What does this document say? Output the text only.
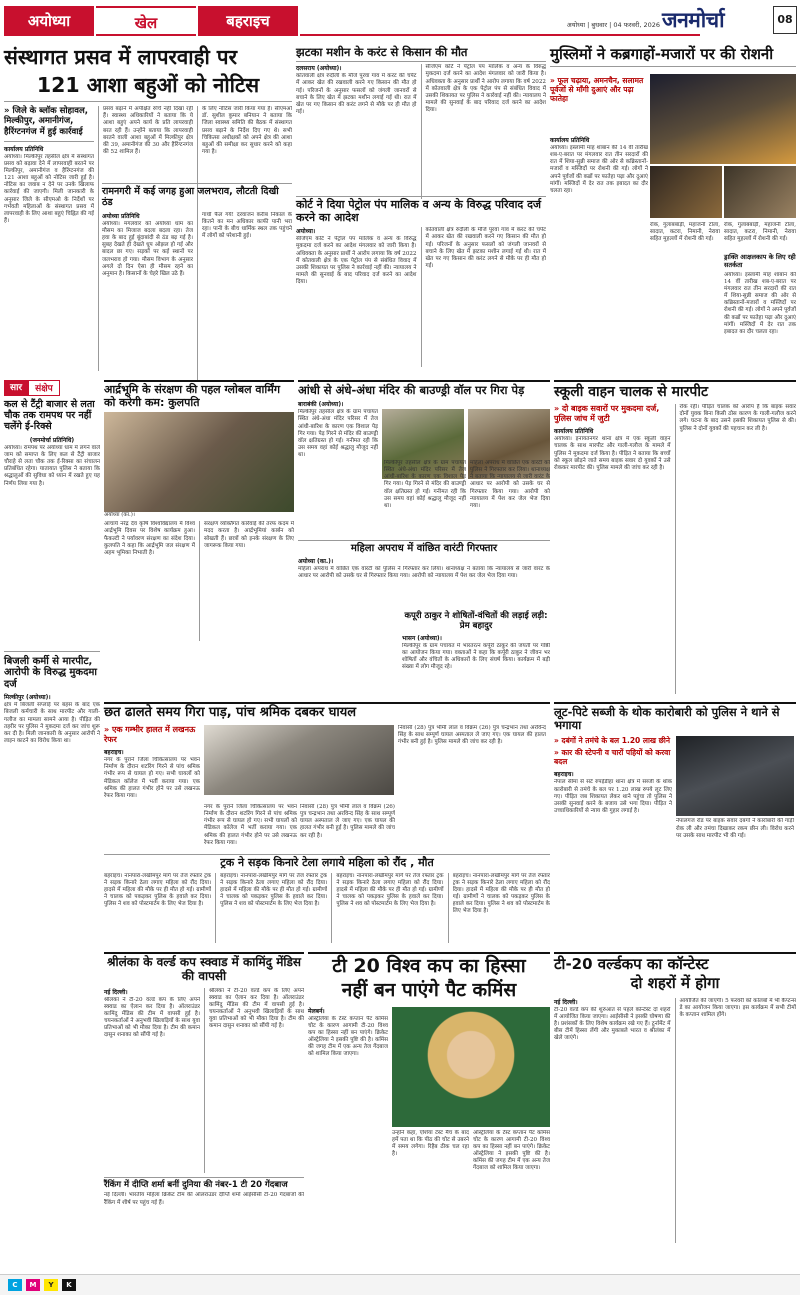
अयोध्या	खेल	बहराइच	अयोध्या | बुधवार | 04 फरवरी, 2026 जनमोर्चा	08
संस्थागत प्रसव में लापरवाही पर
121 आशा बहुओं को नोटिस
» जिले के ब्लॉक सोहावल, मिल्कीपुर, अमानीगंज, हैरिंग्टनगंज में हुई कार्रवाई
कार्यालय प्रतिनिधि
अयोध्या। मिल्कीपुर तहसील क्षेत्र में संस्थागत प्रसव को बढ़ावा देने में लापरवाही बरतने पर मिल्कीपुर, अमानीगंज व हैरिंग्टनगंज की 121 आशा बहुओं को नोटिस जारी हुई है। नोटिस का जवाब न देने पर उनके खिलाफ कार्रवाई की जाएगी। मिली जानकारी के अनुसार जिले के सीएमओ के निर्देशों पर गर्भवती महिलाओं के संस्थागत प्रसव में लापरवाही के लिए आशा बहुएं चिह्नित की गई हैं।
प्रसव बढ़ाने में अपेक्षित रुचि नहीं दिखा रही हैं। स्वास्थ्य अधिकारियों ने बताया कि ये आशा बहुएं अपने कार्य के प्रति लापरवाही बरत रही हैं। उन्होंने बताया कि लापरवाही बरतने वाली आशा बहुओं में मिल्कीपुर क्षेत्र की 39, अमानीगंज की 30 और हैरिंग्टनगंज की 52 शामिल हैं।
के लिए नोटिस जारी किया गया है। सीएमओ डॉ. सुशील कुमार बनियान ने बताया कि जिला स्वास्थ्य समिति की बैठक में संस्थागत प्रसव बढ़ाने के निर्देश दिए गए थे। सभी चिकित्सा अधीक्षकों को अपने क्षेत्र की आशा बहुओं की समीक्षा कर सुधार करने को कहा गया है।
रामनगरी में कई जगह हुआ जलभराव, लौटती दिखी ठंड
अयोध्या प्रतिनिधि
अयोध्या। मंगलवार को अयोध्या धाम का मौसम का मिजाज बदला बदला रहा। तेज हवा के बाद हुई बूंदाबांदी से ठंड बढ़ गई है। सुबह देखते ही देखते धूप ओझल हो गई और बादल छा गए। सड़कों पर कई स्थानों पर जलभराव हो गया। मौसम विभाग के अनुसार अगले दो दिन ऐसा ही मौसम रहने का अनुमान है। किसानों के चेहरे खिल उठे हैं।
गांधी फैल गये! दरवाजन करीब निकाल के कितने का मन अधिकार काफी पानी भरा रहा। पानी के बीच धार्मिक स्थल तक पहुंचने में लोगों को परेशानी हुई।
झटका मशीन के करंट से किसान की मौत
दलसराय (अयोध्या)।
कोतवाली क्षेत्र रुदौली के मौजे पुरवा गांव में करंट की चपेट में आकर खेत की रखवाली करने गए किसान की मौत हो गई। परिजनों के अनुसार फसलों को जंगली जानवरों से बचाने के लिए खेत में झटका मशीन लगाई गई थी। रात में खेत पर गए किसान की करंट लगने से मौके पर ही मौत हो गई।
सीजेएम कोर्ट ने पेट्रोल पंप मालिक व अन्य के विरुद्ध मुकदमा दर्ज करने का आदेश मंगलवार को जारी किया है। अधिवक्ता के अनुसार प्रार्थी ने आरोप लगाया कि वर्ष 2022 में कोतवाली क्षेत्र के एक पेट्रोल पंप से संबंधित विवाद में उसकी शिकायत पर पुलिस ने कार्रवाई नहीं की। न्यायालय ने मामले की सुनवाई के बाद परिवाद दर्ज करने का आदेश दिया।
कोर्ट ने दिया पेट्रोल पंप मालिक व अन्य के विरुद्ध परिवाद दर्ज करने का आदेश
अयोध्या।
सीजेएम कोर्ट ने पेट्रोल पंप मालिक व अन्य के विरुद्ध मुकदमा दर्ज करने का आदेश मंगलवार को जारी किया है। अधिवक्ता के अनुसार प्रार्थी ने आरोप लगाया कि वर्ष 2022 में कोतवाली क्षेत्र के एक पेट्रोल पंप से संबंधित विवाद में उसकी शिकायत पर पुलिस ने कार्रवाई नहीं की। न्यायालय ने मामले की सुनवाई के बाद परिवाद दर्ज करने का आदेश दिया।
कोतवाली क्षेत्र रुदौली के मौजे पुरवा गांव में करंट की चपेट में आकर खेत की रखवाली करने गए किसान की मौत हो गई। परिजनों के अनुसार फसलों को जंगली जानवरों से बचाने के लिए खेत में झटका मशीन लगाई गई थी। रात में खेत पर गए किसान की करंट लगने से मौके पर ही मौत हो गई।
मुस्लिमों ने कब्रगाहों-मजारों पर की रोशनी
» फूल चढ़ाया, अमनचैन, सलामत पूर्वजों से माँगी दुआएं और पढ़ा फातेहा
कार्यालय प्रतिनिधि
अयोध्या। इस्लामी माह शाबान की 14 वीं तारीख शब-ए-बरात पर मंगलवार रात तीन सरदारों की रात में शिया-सुन्नी समाज की ओर से कब्रिस्तानों-मजारों व मस्जिदों पर रोशनी की गई। लोगों ने अपने पूर्वजों की कब्रों पर फातेहा पढ़ा और दुआएं मांगीं। मस्जिदों में देर रात तक इबादत का दौर चलता रहा।
रोक, गुलाबबाड़ी, महाजनी टोला, सादात, कटरा, निमानी, नेरावा सहित मुहल्लों में रोशनी की गई।
रोक, गुलाबबाड़ी, महाजनी टोला, सादात, कटरा, निमानी, नेरावा सहित मुहल्लों में रोशनी की गई।
ड्राक्ति आक्षलकाप के लिए रही सतर्कता
अयोध्या। इस्लामी माह शाबान की 14 वीं तारीख शब-ए-बरात पर मंगलवार रात तीन सरदारों की रात में शिया-सुन्नी समाज की ओर से कब्रिस्तानों-मजारों व मस्जिदों पर रोशनी की गई। लोगों ने अपने पूर्वजों की कब्रों पर फातेहा पढ़ा और दुआएं मांगीं। मस्जिदों में देर रात तक इबादत का दौर चलता रहा।
सार	संक्षेप
कल से टैंट्री बाजार से लता चौक तक रामपथ पर नहीं चलेंगे ई-रिक्से
(जनमोर्चा प्रतिनिधि)
अयोध्या। रामपथ पर अयोध्या धाम में लगने वाले जाम को समाप्त के लिए कल से टैंट्री बाजार चौराहे से लता चौक तक ई-रिक्सा का संचालन प्रतिबंधित रहेगा। यातायात पुलिस ने बताया कि श्रद्धालुओं की सुविधा को ध्यान में रखते हुए यह निर्णय लिया गया है।
बिजली कर्मी से मारपीट, आरोपी के विरुद्ध मुकदमा दर्ज
मिल्कीपुर (अयोध्या)।
क्षेत्र में बिजली सप्लाई पर बहस के बाद एक बिजली कर्मचारी के साथ मारपीट और गाली-गलौज का मामला सामने आया है। पीड़ित की तहरीर पर पुलिस ने मुकदमा दर्ज कर जांच शुरू कर दी है। मिली जानकारी के अनुसार आरोपी ने लाइन काटने का विरोध किया था।
आर्द्रभूमि के संरक्षण की पहल ग्लोबल वार्मिंग को करेगी कम: कुलपति
अयोध्या (का.)।
आचार्य नरेंद्र देव कृषि विश्वविद्यालय में विश्व आर्द्रभूमि दिवस पर विशेष कार्यक्रम हुआ। फैकल्टी ने पर्यावरण संरक्षण का संदेश दिया। कुलपति ने कहा कि आर्द्रभूमि जल संरक्षण में अहम भूमिका निभाती है।
संरक्षण व्यक्तिगत कार्रवाई की तरफ कदम में मदद करता है। आर्द्रभूमियां कार्बन को सोखती हैं। छात्रों को इनके संरक्षण के लिए जागरूक किया गया।
आंधी से अंधे-अंधा मंदिर की बाउण्ड्री वॉल पर गिरा पेड़
बाराबंकी (अयोध्या)।
मिल्कीपुर तहसील क्षेत्र के ग्राम पंचायत स्थित अंधे-अंधा मंदिर परिसर में तेज आंधी-बारिश के कारण एक विशाल पेड़ गिर गया। पेड़ गिरने से मंदिर की बाउण्ड्री वॉल क्षतिग्रस्त हो गई। गनीमत रही कि उस समय वहां कोई श्रद्धालु मौजूद नहीं था।
मिल्कीपुर तहसील क्षेत्र के ग्राम पंचायत स्थित अंधे-अंधा मंदिर परिसर में तेज आंधी-बारिश के कारण एक विशाल पेड़ गिर गया। पेड़ गिरने से मंदिर की बाउण्ड्री वॉल क्षतिग्रस्त हो गई। गनीमत रही कि उस समय वहां कोई श्रद्धालु मौजूद नहीं था।
महिला अपराध में वांछित एक वारंटी को पुलिस ने गिरफ्तार कर लिया। थानाध्यक्ष ने बताया कि न्यायालय से जारी वारंट के आधार पर आरोपी को उसके घर से गिरफ्तार किया गया। आरोपी को न्यायालय में पेश कर जेल भेज दिया गया।
महिला अपराध में वांछित वारंटी गिरफ्तार
अयोध्या (का.)।
महिला अपराध में वांछित एक वारंटी को पुलिस ने गिरफ्तार कर लिया। थानाध्यक्ष ने बताया कि न्यायालय से जारी वारंट के आधार पर आरोपी को उसके घर से गिरफ्तार किया गया। आरोपी को न्यायालय में पेश कर जेल भेज दिया गया।
कपूरी ठाकुर ने शोषितों-वंचितों की लड़ाई लड़ी: प्रेम बहादुर
भासन (अयोध्या)।
मिल्कीपुर के ग्राम पंचायत में भारतरत्न कर्पूरी ठाकुर की जयंती पर गोष्ठी का आयोजन किया गया। वक्ताओं ने कहा कि कर्पूरी ठाकुर ने जीवन भर शोषितों और वंचितों के अधिकारों के लिए संघर्ष किया। कार्यक्रम में बड़ी संख्या में लोग मौजूद रहे।
स्कूली वाहन चालक से मारपीट
» दो बाइक सवारों पर मुकदमा दर्ज, पुलिस जांच में जुटी
कार्यालय प्रतिनिधि
अयोध्या। इनायतनगर थाना क्षेत्र में एक स्कूली वाहन चालक के साथ मारपीट और गाली-गलौज के मामले में पुलिस ने मुकदमा दर्ज किया है। पीड़ित ने बताया कि बच्चों को स्कूल छोड़ने जाते समय बाइक सवार दो युवकों ने उसे रोककर मारपीट की। पुलिस मामले की जांच कर रही है।
रोक रही। पीड़ित चालक को आरोप है कि बाइक सवार दोनों युवक बिना किसी ठोस कारण के गाली-गलौज करने लगे। घटना के बाद उसने इसकी शिकायत पुलिस से की। पुलिस ने दोनों युवकों की पहचान कर ली है।
छत ढालते समय गिरा पाड़, पांच श्रमिक दबकर घायल
» एक गम्भीर हालत में लखनऊ रेफर
बहराइच।
नगर के पुराने जिला चिकित्सालय पर भवन निर्माण के दौरान शटरिंग गिरने से पांच श्रमिक गंभीर रूप से घायल हो गए। सभी घायलों को मेडिकल कॉलेज में भर्ती कराया गया। एक श्रमिक की हालत गंभीर होने पर उसे लखनऊ रेफर किया गया।
निवासी (28) पुत्र भीमी लाल व विक्रम (26) पुत्र चन्द्रभान तथा अरविन्द सिंह के साथ सम्पूर्ण घायल अस्पताल ले जाए गए। एक घायल की हालत गंभीर बनी हुई है। पुलिस मामले की जांच कर रही है।
नगर के पुराने जिला चिकित्सालय पर भवन निर्माण के दौरान शटरिंग गिरने से पांच श्रमिक गंभीर रूप से घायल हो गए। सभी घायलों को मेडिकल कॉलेज में भर्ती कराया गया। एक श्रमिक की हालत गंभीर होने पर उसे लखनऊ रेफर किया गया।
निवासी (28) पुत्र भीमी लाल व विक्रम (26) पुत्र चन्द्रभान तथा अरविन्द सिंह के साथ सम्पूर्ण घायल अस्पताल ले जाए गए। एक घायल की हालत गंभीर बनी हुई है। पुलिस मामले की जांच कर रही है।
ट्रक ने सड़क किनारे टेला लगाये महिला को रौंद , मौत
बहराइच। नानपारा-लखीमपुर मार्ग पर तेज रफ्तार ट्रक ने सड़क किनारे ठेला लगाए महिला को रौंद दिया। हादसे में महिला की मौके पर ही मौत हो गई। ग्रामीणों ने चालक को पकड़कर पुलिस के हवाले कर दिया। पुलिस ने शव को पोस्टमार्टम के लिए भेज दिया है।
बहराइच। नानपारा-लखीमपुर मार्ग पर तेज रफ्तार ट्रक ने सड़क किनारे ठेला लगाए महिला को रौंद दिया। हादसे में महिला की मौके पर ही मौत हो गई। ग्रामीणों ने चालक को पकड़कर पुलिस के हवाले कर दिया। पुलिस ने शव को पोस्टमार्टम के लिए भेज दिया है।
बहराइच। नानपारा-लखीमपुर मार्ग पर तेज रफ्तार ट्रक ने सड़क किनारे ठेला लगाए महिला को रौंद दिया। हादसे में महिला की मौके पर ही मौत हो गई। ग्रामीणों ने चालक को पकड़कर पुलिस के हवाले कर दिया। पुलिस ने शव को पोस्टमार्टम के लिए भेज दिया है।
बहराइच। नानपारा-लखीमपुर मार्ग पर तेज रफ्तार ट्रक ने सड़क किनारे ठेला लगाए महिला को रौंद दिया। हादसे में महिला की मौके पर ही मौत हो गई। ग्रामीणों ने चालक को पकड़कर पुलिस के हवाले कर दिया। पुलिस ने शव को पोस्टमार्टम के लिए भेज दिया है।
लूट-पिटे सब्जी के थोक कारोबारी को पुलिस ने थाने से भगाया
» दबंगों ने तमंचे के बल 1.20 लाख छीने
» कार की स्टेपनी व चारों पहियों को करवा बदल
बहराइच।
नेपाल सीमा से सटे रुपईडीहा थाना क्षेत्र में सब्जी के थोक कारोबारी से तमंचे के बल पर 1.20 लाख रुपये लूट लिए गए। पीड़ित जब शिकायत लेकर थाने पहुंचा तो पुलिस ने उसकी सुनवाई करने के बजाय उसे भगा दिया। पीड़ित ने उच्चाधिकारियों से न्याय की गुहार लगाई है।
नेपालगंज रोड पर बाइक सवार दबंगों ने कारोबारी की गाड़ी रोक ली और तमंचा दिखाकर रकम छीन ली। विरोध करने पर उसके साथ मारपीट भी की गई।
श्रीलंका के वर्ल्ड कप स्क्वाड में कामिंदु मेंडिस की वापसी
नई दिल्ली।
श्रीलंका ने टी-20 वर्ल्ड कप के लिए अपने स्क्वाड का ऐलान कर दिया है। ऑलराउंडर कामिंदु मेंडिस की टीम में वापसी हुई है। चयनकर्ताओं ने अनुभवी खिलाड़ियों के साथ युवा प्रतिभाओं को भी मौका दिया है। टीम की कमान दासुन शनाका को सौंपी गई है।
श्रीलंका ने टी-20 वर्ल्ड कप के लिए अपने स्क्वाड का ऐलान कर दिया है। ऑलराउंडर कामिंदु मेंडिस की टीम में वापसी हुई है। चयनकर्ताओं ने अनुभवी खिलाड़ियों के साथ युवा प्रतिभाओं को भी मौका दिया है। टीम की कमान दासुन शनाका को सौंपी गई है।
रैंकिंग में दीप्ति शर्मा बनीं दुनिया की नंबर-1 टी 20 गेंदबाज
नई दिल्ली। भारतीय महिला क्रिकेट टीम की ऑलराउंडर दीप्ति शर्मा आईसीसी टी-20 गेंदबाजों की रैंकिंग में शीर्ष पर पहुंच गई हैं।
टी 20 विश्व कप का हिस्सा
नहीं बन पाएंगे पैट कमिंस
मेलबर्न।
ऑस्ट्रेलिया के टेस्ट कप्तान पैट कमिंस चोट के कारण आगामी टी-20 विश्व कप का हिस्सा नहीं बन पाएंगे। क्रिकेट ऑस्ट्रेलिया ने इसकी पुष्टि की है। कमिंस की जगह टीम में एक अन्य तेज गेंदबाज को शामिल किया जाएगा।
उन्होंने कहा, एशिया टेस्ट मैच के बाद हमें पता था कि पीठ की चोट से उबरने में समय लगेगा। रिहैब ठीक चल रहा है।
ऑस्ट्रेलिया के टेस्ट कप्तान पैट कमिंस चोट के कारण आगामी टी-20 विश्व कप का हिस्सा नहीं बन पाएंगे। क्रिकेट ऑस्ट्रेलिया ने इसकी पुष्टि की है। कमिंस की जगह टीम में एक अन्य तेज गेंदबाज को शामिल किया जाएगा।
टी-20 वर्ल्डकप का कॉन्टेस्ट
दो शहरों में होगा
नई दिल्ली।
टी-20 वर्ल्ड कप की शुरुआत से पहले कॉन्टेस्ट दो शहरों में आयोजित किया जाएगा। आईसीसी ने इसकी घोषणा की है। प्रशंसकों के लिए विशेष कार्यक्रम रखे गए हैं। टूर्नामेंट में बीस टीमें हिस्सा लेंगी और मुकाबले भारत व श्रीलंका में खेले जाएंगे।
आयोजित की जाएगी। 5 फरवरी को कोलंबो में भी कैप्टन्स डे का आयोजन किया जाएगा। इस कार्यक्रम में सभी टीमों के कप्तान शामिल होंगे।
C	M	Y	K
